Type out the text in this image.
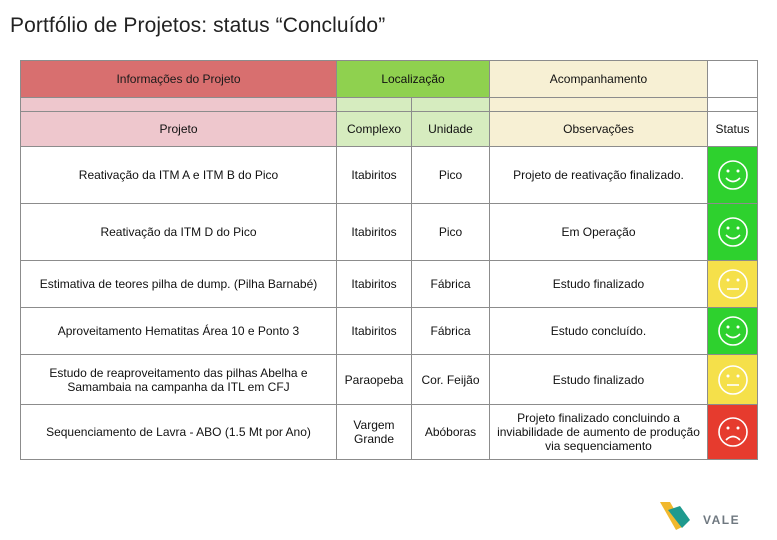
Portfólio de Projetos: status “Concluído”
Informações do Projeto	Localização		Acompanhamento	

Projeto	Complexo	Unidade	Observações	Status
Reativação da ITM A e ITM B do Pico	Itabiritos	Pico	Projeto de reativação finalizado.	

Reativação da ITM D do Pico	Itabiritos	Pico	Em Operação	

Estimativa de teores pilha de dump. (Pilha Barnabé)	Itabiritos	Fábrica	Estudo finalizado	

Aproveitamento Hematitas Área 10 e Ponto 3	Itabiritos	Fábrica	Estudo concluído.	

Estudo de reaproveitamento das pilhas Abelha e Samambaia na campanha da ITL em CFJ	Paraopeba	Cor. Feijão	Estudo finalizado	

Sequenciamento de Lavra - ABO (1.5 Mt por Ano)	Vargem Grande	Abóboras	Projeto finalizado concluindo a inviabilidade de aumento de produção via sequenciamento	
VALE
